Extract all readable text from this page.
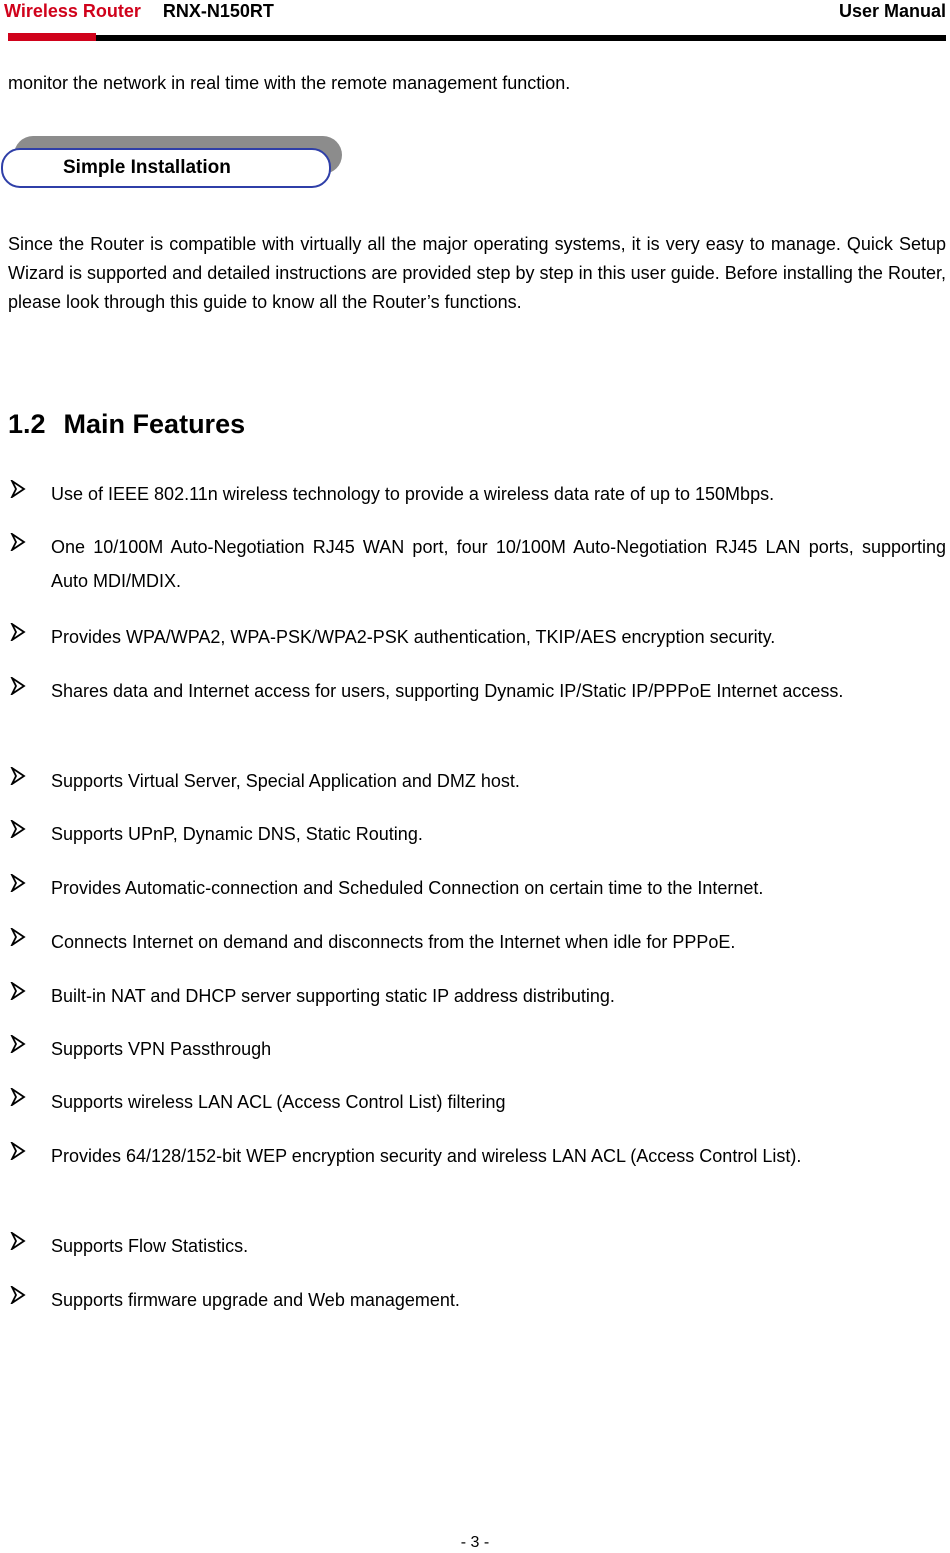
Wireless Router RNX-N150RT	User Manual
monitor the network in real time with the remote management function.
Simple Installation
Since the Router is compatible with virtually all the major operating systems, it is very easy to manage. Quick Setup Wizard is supported and detailed instructions are provided step by step in this user guide. Before installing the Router, please look through this guide to know all the Router’s functions.
1.2 Main Features
Use of IEEE 802.11n wireless technology to provide a wireless data rate of up to 150Mbps.
One 10/100M Auto-Negotiation RJ45 WAN port, four 10/100M Auto-Negotiation RJ45 LAN ports, supporting Auto MDI/MDIX.
Provides WPA/WPA2, WPA-PSK/WPA2-PSK authentication, TKIP/AES encryption security.
Shares data and Internet access for users, supporting Dynamic IP/Static IP/PPPoE Internet access.
Supports Virtual Server, Special Application and DMZ host.
Supports UPnP, Dynamic DNS, Static Routing.
Provides Automatic-connection and Scheduled Connection on certain time to the Internet.
Connects Internet on demand and disconnects from the Internet when idle for PPPoE.
Built-in NAT and DHCP server supporting static IP address distributing.
Supports VPN Passthrough
Supports wireless LAN ACL (Access Control List) filtering
Provides 64/128/152-bit WEP encryption security and wireless LAN ACL (Access Control List).
Supports Flow Statistics.
Supports firmware upgrade and Web management.
- 3 -
